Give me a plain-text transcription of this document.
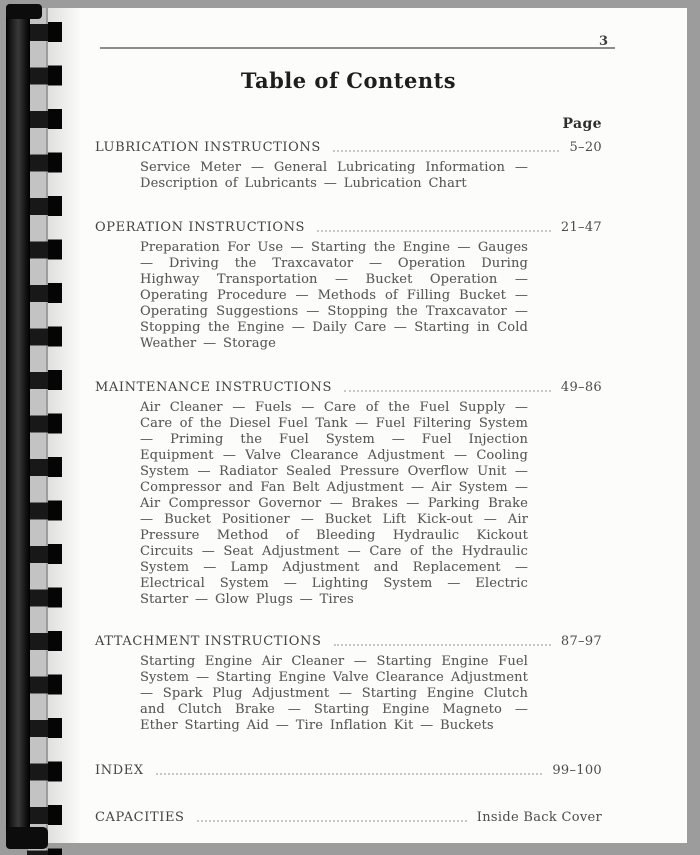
3
Table of Contents
Page
LUBRICATION INSTRUCTIONS	5–20
Service Meter — General Lubricating Information — Description of Lubricants — Lubrication Chart
OPERATION INSTRUCTIONS	21–47
Preparation For Use — Starting the Engine — Gauges — Driving the Traxcavator — Operation During Highway Transportation — Bucket Operation — Operating Procedure — Methods of Filling Bucket — Operating Suggestions — Stopping the Traxcavator — Stopping the Engine — Daily Care — Starting in Cold Weather — Storage
MAINTENANCE INSTRUCTIONS	49–86
Air Cleaner — Fuels — Care of the Fuel Supply — Care of the Diesel Fuel Tank — Fuel Filtering System — Priming the Fuel System — Fuel Injection Equipment — Valve Clearance Adjustment — Cooling System — Radiator Sealed Pressure Overflow Unit — Compressor and Fan Belt Adjustment — Air System — Air Compressor Governor — Brakes — Parking Brake — Bucket Positioner — Bucket Lift Kick-out — Air Pressure Method of Bleeding Hydraulic Kickout Circuits — Seat Adjustment — Care of the Hydraulic System — Lamp Adjustment and Replacement — Electrical System — Lighting System — Electric Starter — Glow Plugs — Tires
ATTACHMENT INSTRUCTIONS	87–97
Starting Engine Air Cleaner — Starting Engine Fuel System — Starting Engine Valve Clearance Adjustment — Spark Plug Adjustment — Starting Engine Clutch and Clutch Brake — Starting Engine Magneto — Ether Starting Aid — Tire Inflation Kit — Buckets
INDEX	99–100
CAPACITIES	Inside Back Cover
